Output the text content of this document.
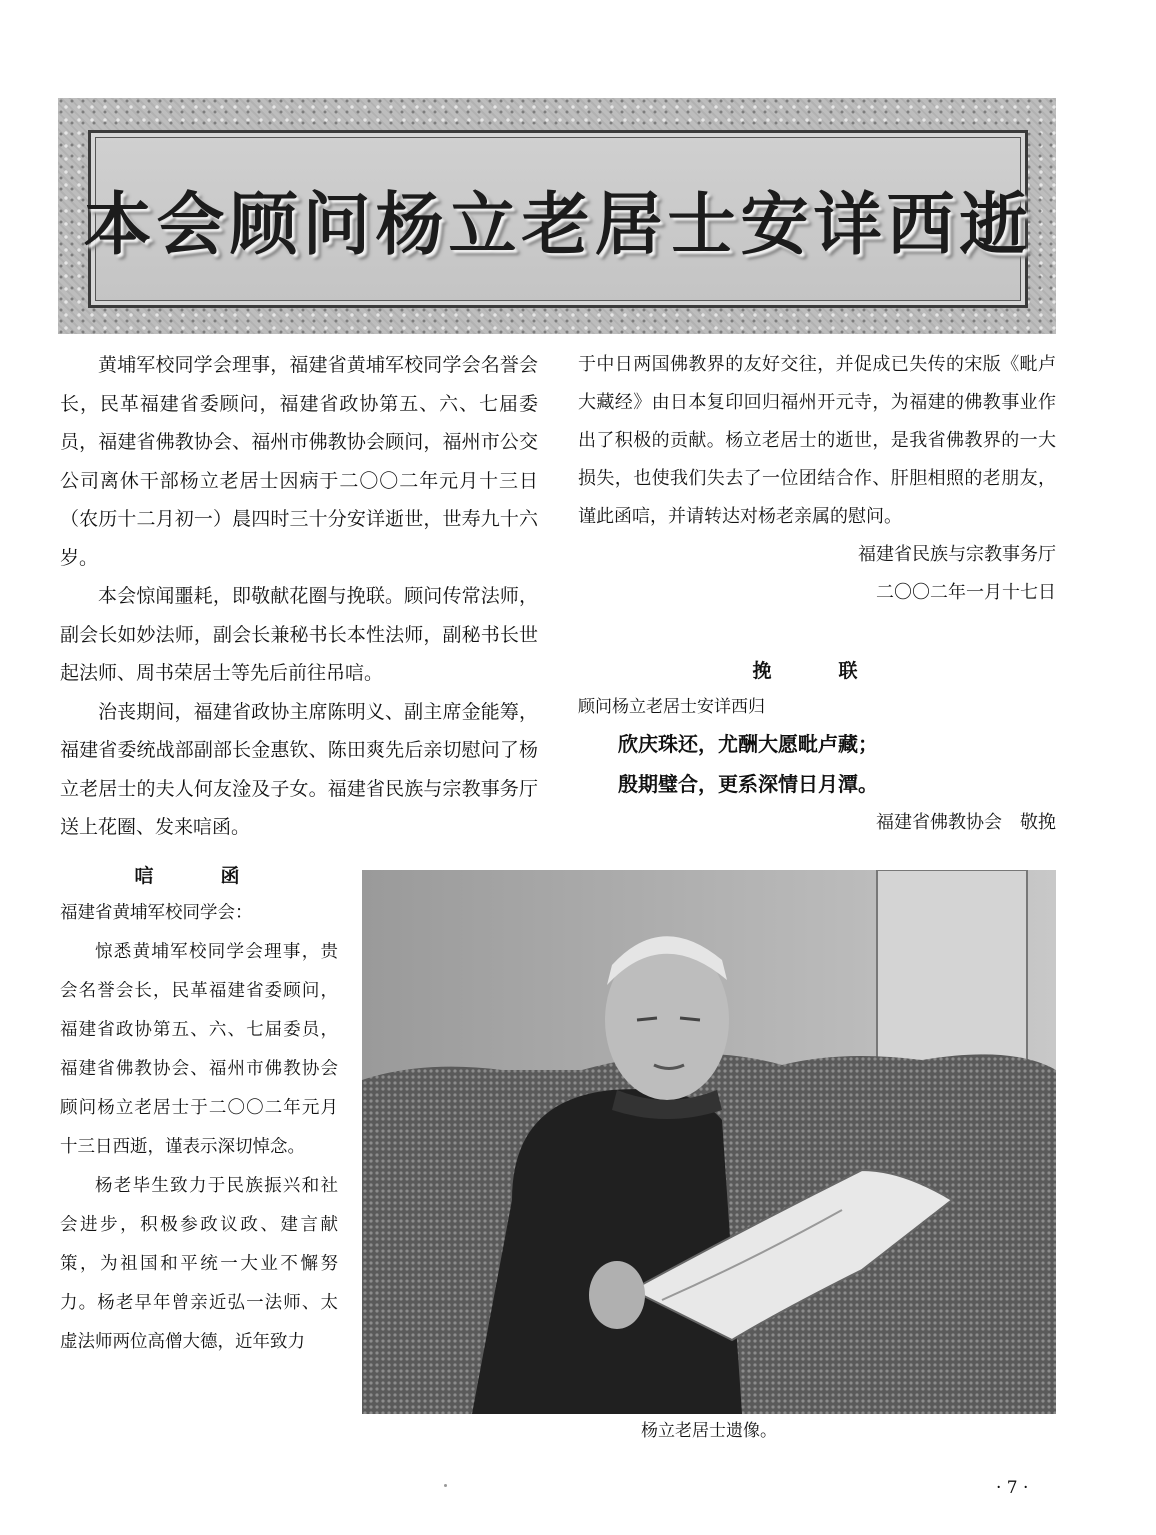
本会顾问杨立老居士安详西逝

黄埔军校同学会理事，福建省黄埔军校同学会名誉会长，民革福建省委顾问，福建省政协第五、六、七届委员，福建省佛教协会、福州市佛教协会顾问，福州市公交公司离休干部杨立老居士因病于二〇〇二年元月十三日（农历十二月初一）晨四时三十分安详逝世，世寿九十六岁。

本会惊闻噩耗，即敬献花圈与挽联。顾问传常法师，副会长如妙法师，副会长兼秘书长本性法师，副秘书长世起法师、周书荣居士等先后前往吊唁。

治丧期间，福建省政协主席陈明义、副主席金能筹，福建省委统战部副部长金惠钦、陈田爽先后亲切慰问了杨立老居士的夫人何友淦及子女。福建省民族与宗教事务厅送上花圈、发来唁函。

唁　函

福建省黄埔军校同学会：

惊悉黄埔军校同学会理事，贵会名誉会长，民革福建省委顾问，福建省政协第五、六、七届委员，福建省佛教协会、福州市佛教协会顾问杨立老居士于二〇〇二年元月十三日西逝，谨表示深切悼念。

杨老毕生致力于民族振兴和社会进步，积极参政议政、建言献策，为祖国和平统一大业不懈努力。杨老早年曾亲近弘一法师、太虚法师两位高僧大德，近年致力

于中日两国佛教界的友好交往，并促成已失传的宋版《毗卢大藏经》由日本复印回归福州开元寺，为福建的佛教事业作出了积极的贡献。杨立老居士的逝世，是我省佛教界的一大损失，也使我们失去了一位团结合作、肝胆相照的老朋友，谨此函唁，并请转达对杨老亲属的慰问。

福建省民族与宗教事务厅
二〇〇二年一月十七日
挽　联
顾问杨立老居士安详西归
欣庆珠还，尤酬大愿毗卢藏；
殷期璧合，更系深情日月潭。
福建省佛教协会　敬挽
杨立老居士遗像。
· 7 ·
